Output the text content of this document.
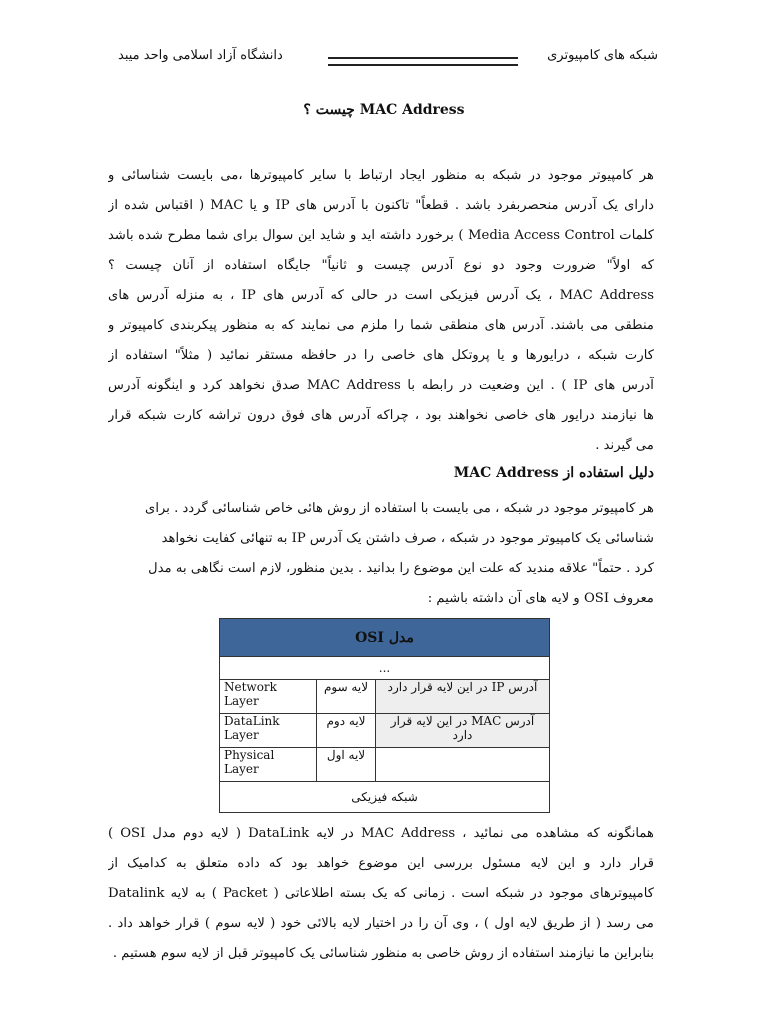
دانشگاه آزاد اسلامی واحد میبد	شبکه های کامپیوتری
MAC Address چیست ؟

هر کامپیوتر موجود در شبکه به منظور ایجاد ارتباط با سایر کامپیوترها ،می بایست شناسائی و

دارای یک آدرس منحصربفرد باشد . قطعاً" تاکنون با آدرس های IP و یا MAC ( اقتباس شده از

کلمات Media Access Control ) برخورد داشته اید و شاید این سوال برای شما مطرح شده باشد

که اولاً" ضرورت وجود دو نوع آدرس چیست و ثانیاً" جایگاه استفاده از آنان چیست ؟

MAC Address ، یک آدرس فیزیکی است در حالی که آدرس های IP ، به منزله آدرس های

منطقی می باشند. آدرس های منطقی شما را ملزم می نمایند که به منظور پیکربندی کامپیوتر و

کارت شبکه ، درایورها و یا پروتکل های خاصی را در حافظه مستقر نمائید ( مثلاً" استفاده از

آدرس های IP ) . این وضعیت در رابطه با MAC Address صدق نخواهد کرد و اینگونه آدرس

ها نیازمند درایور های خاصی نخواهند بود ، چراکه آدرس های فوق درون تراشه کارت شبکه قرار

می گیرند .

دلیل استفاده از MAC Address

هر کامپیوتر موجود در شبکه ، می بایست با استفاده از روش هائی خاص شناسائی گردد . برای

شناسائی یک کامپیوتر موجود در شبکه ، صرف داشتن یک آدرس IP به تنهائی کفایت نخواهد

کرد . حتماً" علاقه مندید که علت این موضوع را بدانید . بدین منظور، لازم است نگاهی به مدل

معروف OSI و لایه های آن داشته باشیم :

مدل OSI		
...		
Network Layer	لایه سوم	آدرس IP در این لایه قرار دارد
DataLink Layer	لایه دوم	آدرس MAC در این لایه قرار دارد
Physical Layer	لایه اول	
شبکه فیزیکی		

همانگونه که مشاهده می نمائید ، MAC Address در لایه DataLink ( لایه دوم مدل OSI )

قرار دارد و این لایه مسئول بررسی این موضوع خواهد بود که داده متعلق به کدامیک از

کامپیوترهای موجود در شبکه است . زمانی که یک بسته اطلاعاتی ( Packet ) به لایه Datalink

می رسد ( از طریق لایه اول ) ، وی آن را در اختیار لایه بالائی خود ( لایه سوم ) قرار خواهد داد .

بنابراین ما نیازمند استفاده از روش خاصی به منظور شناسائی یک کامپیوتر قبل از لایه سوم هستیم .
